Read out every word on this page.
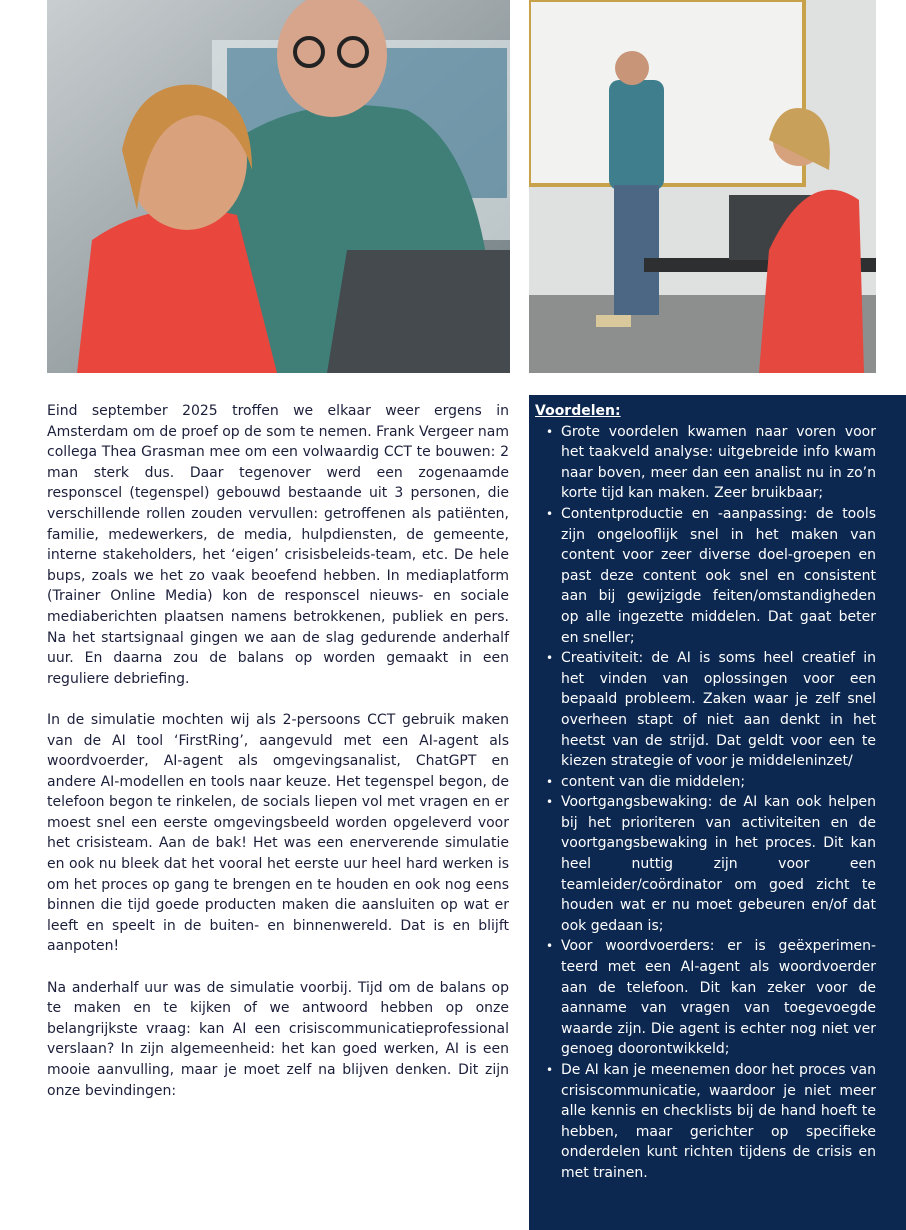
Eind september 2025 troffen we elkaar weer ergens in Amsterdam om de proef op de som te nemen. Frank Vergeer nam collega Thea Grasman mee om een volwaardig CCT te bouwen: 2 man sterk dus. Daar tegenover werd een zogenaamde responscel (tegenspel) gebouwd bestaande uit 3 personen, die verschillende rollen zouden vervullen: getroffenen als patiënten, familie, medewerkers, de media, hulpdiensten, de gemeente, interne stakeholders, het ‘eigen’ crisisbeleids-team, etc. De hele bups, zoals we het zo vaak beoefend hebben. In mediaplatform (Trainer Online Media) kon de responscel nieuws- en sociale mediaberichten plaatsen namens betrokkenen, publiek en pers. Na het startsignaal gingen we aan de slag gedurende anderhalf uur. En daarna zou de balans op worden gemaakt in een reguliere debriefing.

In de simulatie mochten wij als 2-persoons CCT gebruik maken van de AI tool ‘FirstRing’, aangevuld met een AI-agent als woordvoerder, AI-agent als omgevingsanalist, ChatGPT en andere AI-modellen en tools naar keuze. Het tegenspel begon, de telefoon begon te rinkelen, de socials liepen vol met vragen en er moest snel een eerste omgevingsbeeld worden opgeleverd voor het crisisteam. Aan de bak! Het was een enerverende simulatie en ook nu bleek dat het vooral het eerste uur heel hard werken is om het proces op gang te brengen en te houden en ook nog eens binnen die tijd goede producten maken die aansluiten op wat er leeft en speelt in de buiten- en binnenwereld. Dat is en blijft aanpoten!

Na anderhalf uur was de simulatie voorbij. Tijd om de balans op te maken en te kijken of we antwoord hebben op onze belangrijkste vraag: kan AI een crisiscommunicatieprofessional verslaan? In zijn algemeenheid: het kan goed werken, AI is een mooie aanvulling, maar je moet zelf na blijven denken. Dit zijn onze bevindingen:

Voordelen:
• Grote voordelen kwamen naar voren voor het taakveld analyse: uitgebreide info kwam naar boven, meer dan een analist nu in zo’n korte tijd kan maken. Zeer bruikbaar;
• Contentproductie en -aanpassing: de tools zijn ongelooflijk snel in het maken van content voor zeer diverse doel-groepen en past deze content ook snel en consistent aan bij gewijzigde feiten/omstandigheden op alle ingezette middelen. Dat gaat beter en sneller;
• Creativiteit: de AI is soms heel creatief in het vinden van oplossingen voor een bepaald probleem. Zaken waar je zelf snel overheen stapt of niet aan denkt in het heetst van de strijd. Dat geldt voor een te kiezen strategie of voor je middeleninzet/
• content van die middelen;
• Voortgangsbewaking: de AI kan ook helpen bij het prioriteren van activiteiten en de voortgangsbewaking in het proces. Dit kan heel nuttig zijn voor een teamleider/coördinator om goed zicht te houden wat er nu moet gebeuren en/of dat ook gedaan is;
• Voor woordvoerders: er is geëxperimen-teerd met een AI-agent als woordvoerder aan de telefoon. Dit kan zeker voor de aanname van vragen van toegevoegde waarde zijn. Die agent is echter nog niet ver genoeg doorontwikkeld;
• De AI kan je meenemen door het proces van crisiscommunicatie, waardoor je niet meer alle kennis en checklists bij de hand hoeft te hebben, maar gerichter op specifieke onderdelen kunt richten tijdens de crisis en met trainen.
